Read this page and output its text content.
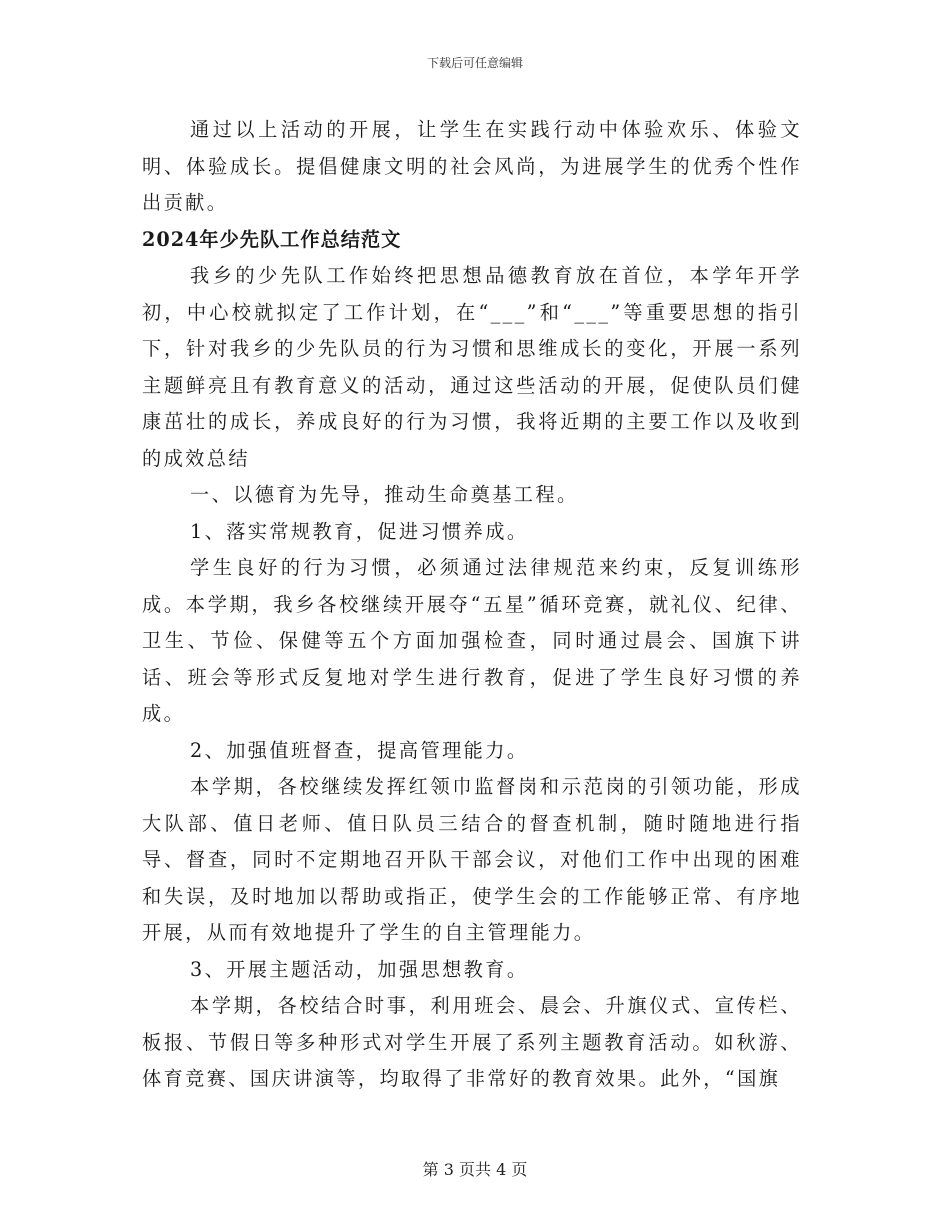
下载后可任意编辑

通过以上活动的开展，让学生在实践行动中体验欢乐、体验文明、体验成长。提倡健康文明的社会风尚，为进展学生的优秀个性作出贡献。

2024年少先队工作总结范文

我乡的少先队工作始终把思想品德教育放在首位，本学年开学初，中心校就拟定了工作计划，在“___”和“___”等重要思想的指引下，针对我乡的少先队员的行为习惯和思维成长的变化，开展一系列主题鲜亮且有教育意义的活动，通过这些活动的开展，促使队员们健康茁壮的成长，养成良好的行为习惯，我将近期的主要工作以及收到的成效总结

一、以德育为先导，推动生命奠基工程。

1、落实常规教育，促进习惯养成。

学生良好的行为习惯，必须通过法律规范来约束，反复训练形成。本学期，我乡各校继续开展夺“五星”循环竞赛，就礼仪、纪律、卫生、节俭、保健等五个方面加强检查，同时通过晨会、国旗下讲话、班会等形式反复地对学生进行教育，促进了学生良好习惯的养成。

2、加强值班督查，提高管理能力。

本学期，各校继续发挥红领巾监督岗和示范岗的引领功能，形成大队部、值日老师、值日队员三结合的督查机制，随时随地进行指导、督查，同时不定期地召开队干部会议，对他们工作中出现的困难和失误，及时地加以帮助或指正，使学生会的工作能够正常、有序地开展，从而有效地提升了学生的自主管理能力。

3、开展主题活动，加强思想教育。

本学期，各校结合时事，利用班会、晨会、升旗仪式、宣传栏、板报、节假日等多种形式对学生开展了系列主题教育活动。如秋游、体育竞赛、国庆讲演等，均取得了非常好的教育效果。此外，“国旗

第 3 页共 4 页
